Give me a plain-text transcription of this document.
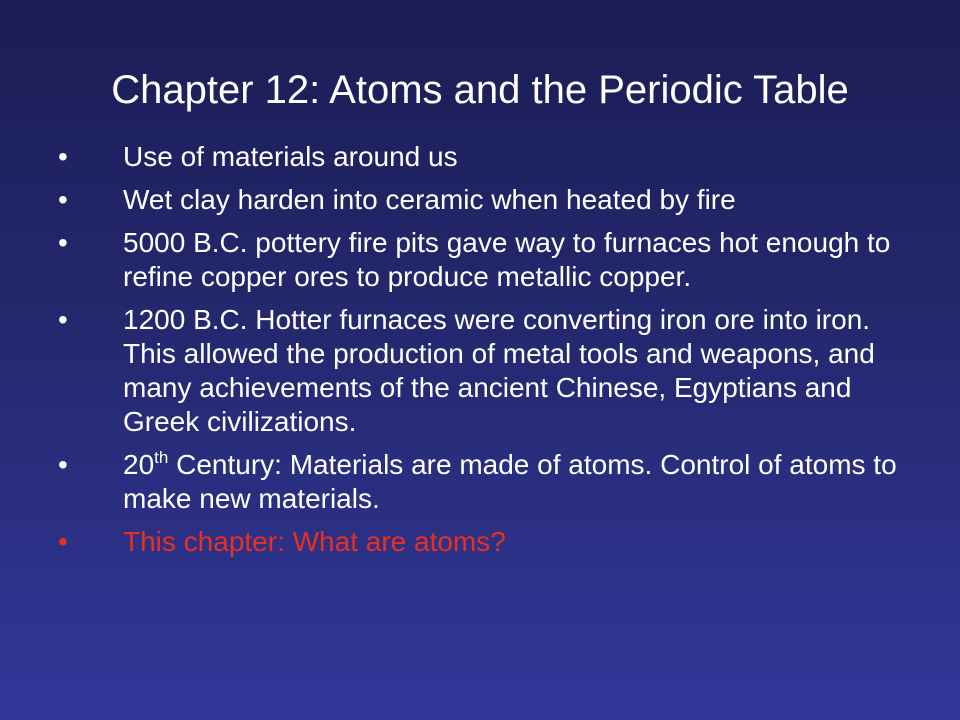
Chapter 12: Atoms and the Periodic Table
•	Use of materials around us
•	Wet clay harden into ceramic when heated by fire
•	5000 B.C. pottery fire pits gave way to furnaces hot enough to refine copper ores to produce metallic copper.
•	1200 B.C. Hotter furnaces were converting iron ore into iron. This allowed the production of metal tools and weapons, and many achievements of the ancient Chinese, Egyptians and Greek civilizations.
•	20th Century: Materials are made of atoms. Control of atoms to make new materials.
•	This chapter: What are atoms?
